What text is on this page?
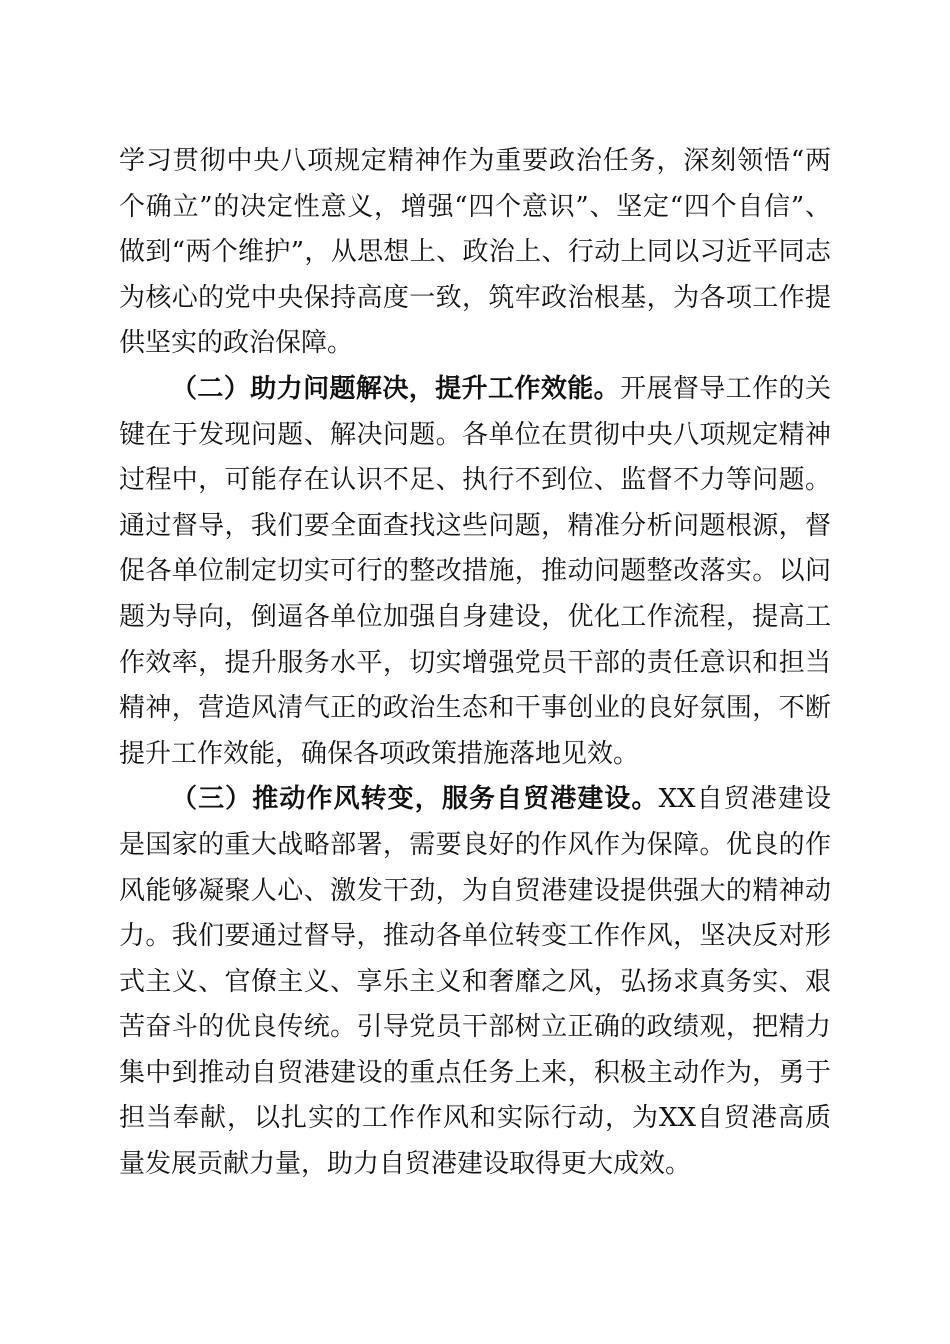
学习贯彻中央八项规定精神作为重要政治任务，深刻领悟“两个确立”的决定性意义，增强“四个意识”、坚定“四个自信”、做到“两个维护”，从思想上、政治上、行动上同以习近平同志为核心的党中央保持高度一致，筑牢政治根基，为各项工作提供坚实的政治保障。

（二）助力问题解决，提升工作效能。开展督导工作的关键在于发现问题、解决问题。各单位在贯彻中央八项规定精神过程中，可能存在认识不足、执行不到位、监督不力等问题。通过督导，我们要全面查找这些问题，精准分析问题根源，督促各单位制定切实可行的整改措施，推动问题整改落实。以问题为导向，倒逼各单位加强自身建设，优化工作流程，提高工作效率，提升服务水平，切实增强党员干部的责任意识和担当精神，营造风清气正的政治生态和干事创业的良好氛围，不断提升工作效能，确保各项政策措施落地见效。

（三）推动作风转变，服务自贸港建设。XX自贸港建设是国家的重大战略部署，需要良好的作风作为保障。优良的作风能够凝聚人心、激发干劲，为自贸港建设提供强大的精神动力。我们要通过督导，推动各单位转变工作作风，坚决反对形式主义、官僚主义、享乐主义和奢靡之风，弘扬求真务实、艰苦奋斗的优良传统。引导党员干部树立正确的政绩观，把精力集中到推动自贸港建设的重点任务上来，积极主动作为，勇于担当奉献，以扎实的工作作风和实际行动，为XX自贸港高质量发展贡献力量，助力自贸港建设取得更大成效。
